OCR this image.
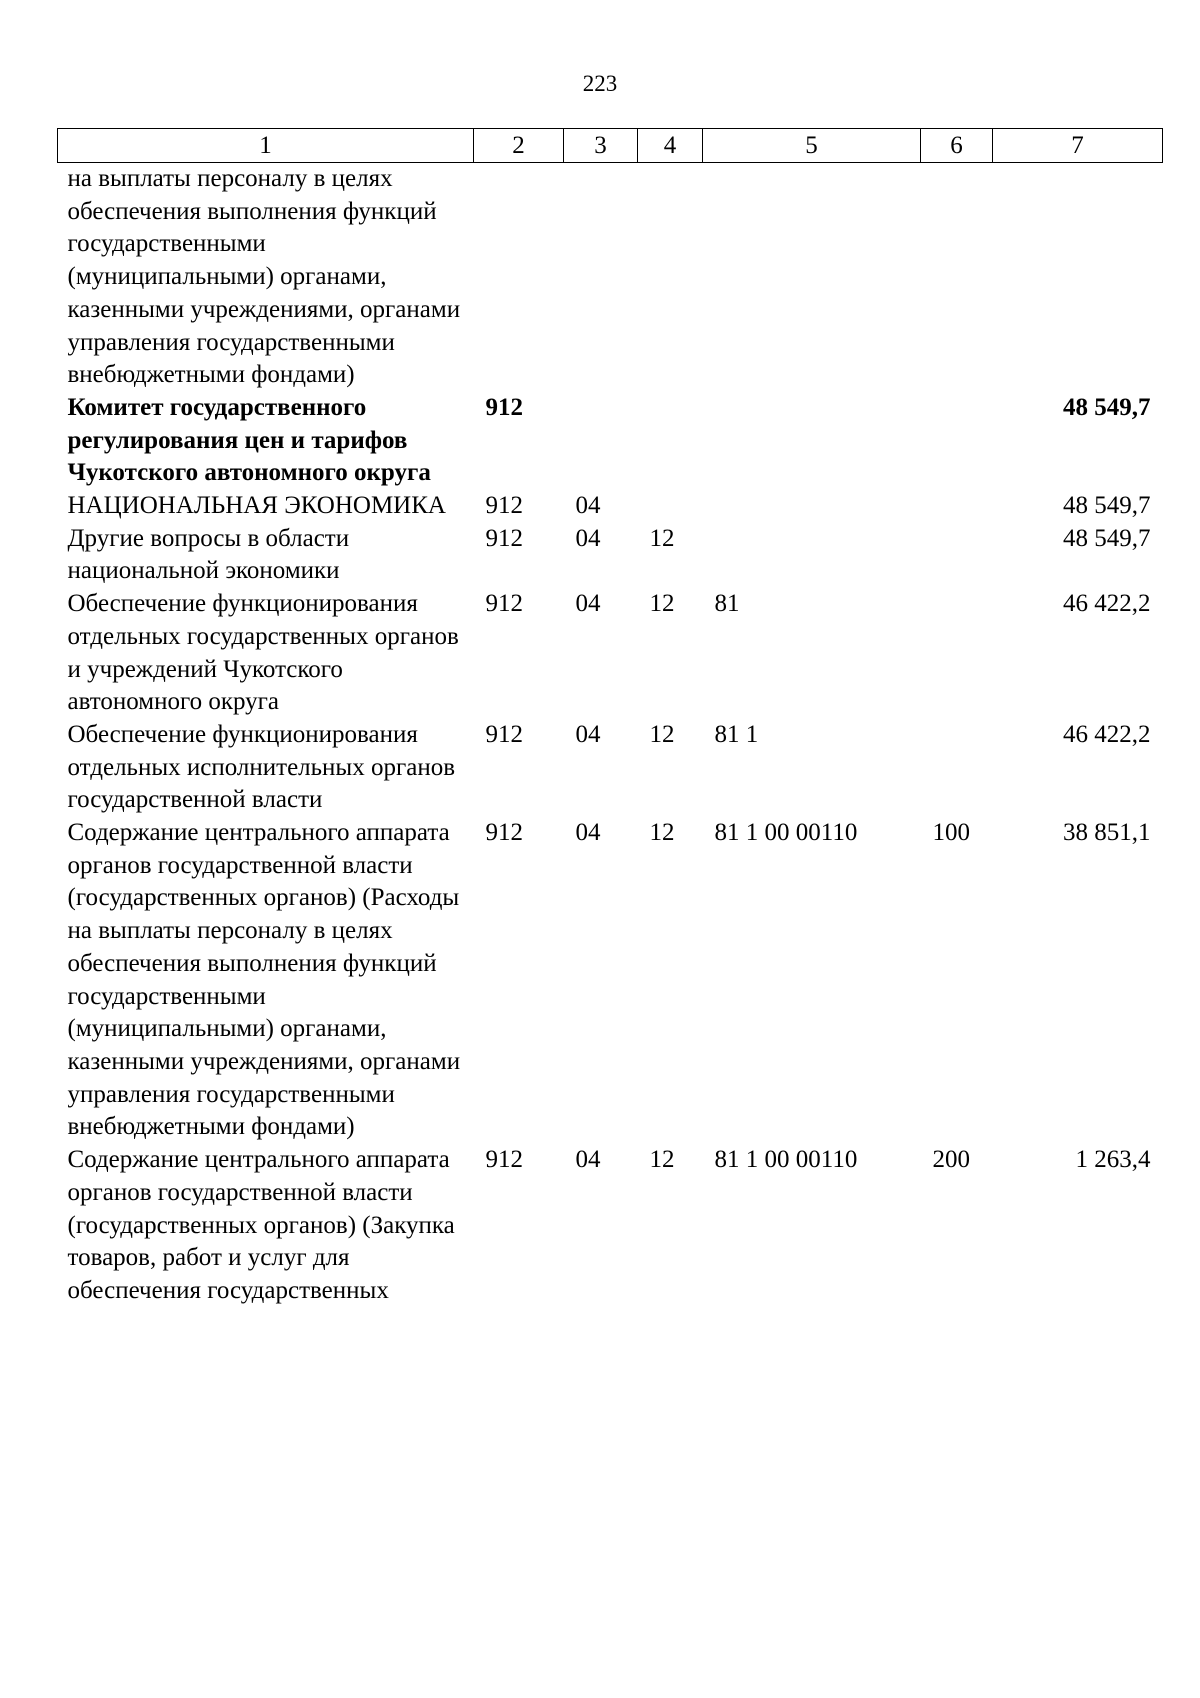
223
1	2	3	4	5	6	7
на выплаты персоналу в целях обеспечения выполнения функций государственными (муниципальными) органами, казенными учреждениями, органами управления государственными внебюджетными фондами)						
Комитет государственного регулирования цен и тарифов Чукотского автономного округа	912					48 549,7
НАЦИОНАЛЬНАЯ ЭКОНОМИКА	912	04				48 549,7
Другие вопросы в области национальной экономики	912	04	12			48 549,7
Обеспечение функционирования отдельных государственных органов и учреждений Чукотского автономного округа	912	04	12	81		46 422,2
Обеспечение функционирования отдельных исполнительных органов государственной власти	912	04	12	81 1		46 422,2
Содержание центрального аппарата органов государственной власти (государственных органов) (Расходы на выплаты персоналу в целях обеспечения выполнения функций государственными (муниципальными) органами, казенными учреждениями, органами управления государственными внебюджетными фондами)	912	04	12	81 1 00 00110	100	38 851,1
Содержание центрального аппарата органов государственной власти (государственных органов) (Закупка товаров, работ и услуг для обеспечения государственных	912	04	12	81 1 00 00110	200	1 263,4
